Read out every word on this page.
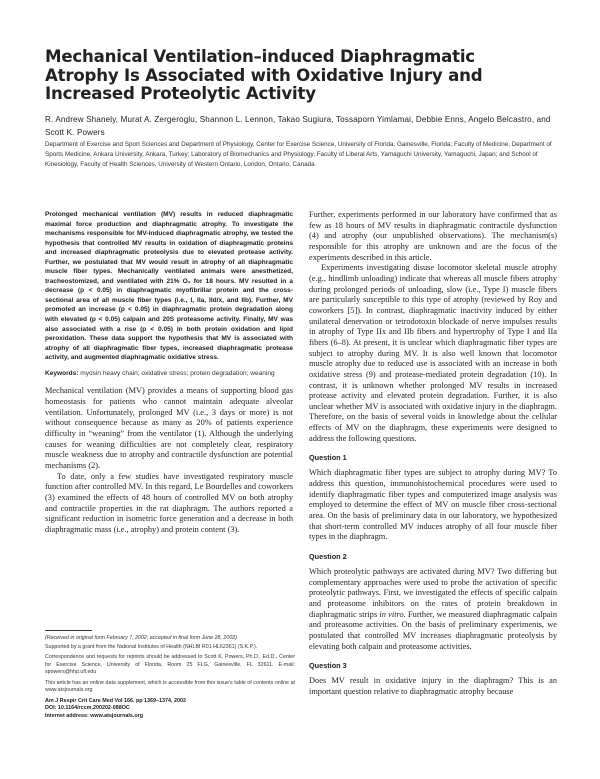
Mechanical Ventilation–induced Diaphragmatic
Atrophy Is Associated with Oxidative Injury and
Increased Proteolytic Activity
R. Andrew Shanely, Murat A. Zergeroglu, Shannon L. Lennon, Takao Sugiura, Tossaporn Yimlamai, Debbie Enns, Angelo Belcastro, and Scott K. Powers
Department of Exercise and Sport Sciences and Department of Physiology, Center for Exercise Science, University of Florida, Gainesville, Florida; Faculty of Medicine, Department of Sports Medicine, Ankara University, Ankara, Turkey; Laboratory of Biomechanics and Physiology, Faculty of Liberal Arts, Yamaguchi University, Yamaguchi, Japan; and School of Kinesiology, Faculty of Health Sciences, University of Western Ontario, London, Ontario, Canada

Prolonged mechanical ventilation (MV) results in reduced diaphragmatic maximal force production and diaphragmatic atrophy. To investigate the mechanisms responsible for MV-induced diaphragmatic atrophy, we tested the hypothesis that controlled MV results in oxidation of diaphragmatic proteins and increased diaphragmatic proteolysis due to elevated protease activity. Further, we postulated that MV would result in atrophy of all diaphragmatic muscle fiber types. Mechanically ventilated animals were anesthetized, tracheostomized, and ventilated with 21% O₂ for 18 hours. MV resulted in a decrease (p < 0.05) in diaphragmatic myofibrillar protein and the cross-sectional area of all muscle fiber types (i.e., I, IIa, IId/x, and IIb). Further, MV promoted an increase (p < 0.05) in diaphragmatic protein degradation along with elevated (p < 0.05) calpain and 20S proteasome activity. Finally, MV was also associated with a rise (p < 0.05) in both protein oxidation and lipid peroxidation. These data support the hypothesis that MV is associated with atrophy of all diaphragmatic fiber types, increased diaphragmatic protease activity, and augmented diaphragmatic oxidative stress.

Keywords: myosin heavy chain; oxidative stress; protein degradation; weaning

Mechanical ventilation (MV) provides a means of supporting blood gas homeostasis for patients who cannot maintain adequate alveolar ventilation. Unfortunately, prolonged MV (i.e., 3 days or more) is not without consequence because as many as 20% of patients experience difficulty in “weaning” from the ventilator (1). Although the underlying causes for weaning difficulties are not completely clear, respiratory muscle weakness due to atrophy and contractile dysfunction are potential mechanisms (2).

To date, only a few studies have investigated respiratory muscle function after controlled MV. In this regard, Le Bourdelles and coworkers (3) examined the effects of 48 hours of controlled MV on both atrophy and contractile properties in the rat diaphragm. The authors reported a significant reduction in isometric force generation and a decrease in both diaphragmatic mass (i.e., atrophy) and protein content (3).

(Received in original form February 7, 2002; accepted in final form June 28, 2002)

Supported by a grant from the National Institutes of Health (NHLBI R01 HL62361) (S.K.P.).

Correspondence and requests for reprints should be addressed to Scott K. Powers, Ph.D., Ed.D., Center for Exercise Science, University of Florida, Room 25 FLG, Gainesville, FL 32611. E-mail: spowers@hhp.ufl.edu

This article has an online data supplement, which is accessible from this issue's table of contents online at www.atsjournals.org

Am J Respir Crit Care Med Vol 166. pp 1369–1374, 2002

DOI: 10.1164/rccm.200202-088OC

Internet address: www.atsjournals.org

Further, experiments performed in our laboratory have confirmed that as few as 18 hours of MV results in diaphragmatic contractile dysfunction (4) and atrophy (our unpublished observations). The mechanism(s) responsible for this atrophy are unknown and are the focus of the experiments described in this article.

Experiments investigating disuse locomotor skeletal muscle atrophy (e.g., hindlimb unloading) indicate that whereas all muscle fibers atrophy during prolonged periods of unloading, slow (i.e., Type I) muscle fibers are particularly susceptible to this type of atrophy (reviewed by Roy and coworkers [5]). In contrast, diaphragmatic inactivity induced by either unilateral denervation or tetrodotoxin blockade of nerve impulses results in atrophy of Type IIx and IIb fibers and hypertrophy of Type I and IIa fibers (6–8). At present, it is unclear which diaphragmatic fiber types are subject to atrophy during MV. It is also well known that locomotor muscle atrophy due to reduced use is associated with an increase in both oxidative stress (9) and protease-mediated protein degradation (10). In contrast, it is unknown whether prolonged MV results in increased protease activity and elevated protein degradation. Further, it is also unclear whether MV is associated with oxidative injury in the diaphragm. Therefore, on the basis of several voids in knowledge about the cellular effects of MV on the diaphragm, these experiments were designed to address the following questions.

Question 1

Which diaphragmatic fiber types are subject to atrophy during MV? To address this question, immunohistochemical procedures were used to identify diaphragmatic fiber types and computerized image analysis was employed to determine the effect of MV on muscle fiber cross-sectional area. On the basis of preliminary data in our laboratory, we hypothesized that short-term controlled MV induces atrophy of all four muscle fiber types in the diaphragm.

Question 2

Which proteolytic pathways are activated during MV? Two differing but complementary approaches were used to probe the activation of specific proteolytic pathways. First, we investigated the effects of specific calpain and proteasome inhibitors on the rates of protein breakdown in diaphragmatic strips in vitro. Further, we measured diaphragmatic calpain and proteasome activities. On the basis of preliminary experiments, we postulated that controlled MV increases diaphragmatic proteolysis by elevating both calpain and proteasome activities.

Question 3

Does MV result in oxidative injury in the diaphragm? This is an important question relative to diaphragmatic atrophy because
